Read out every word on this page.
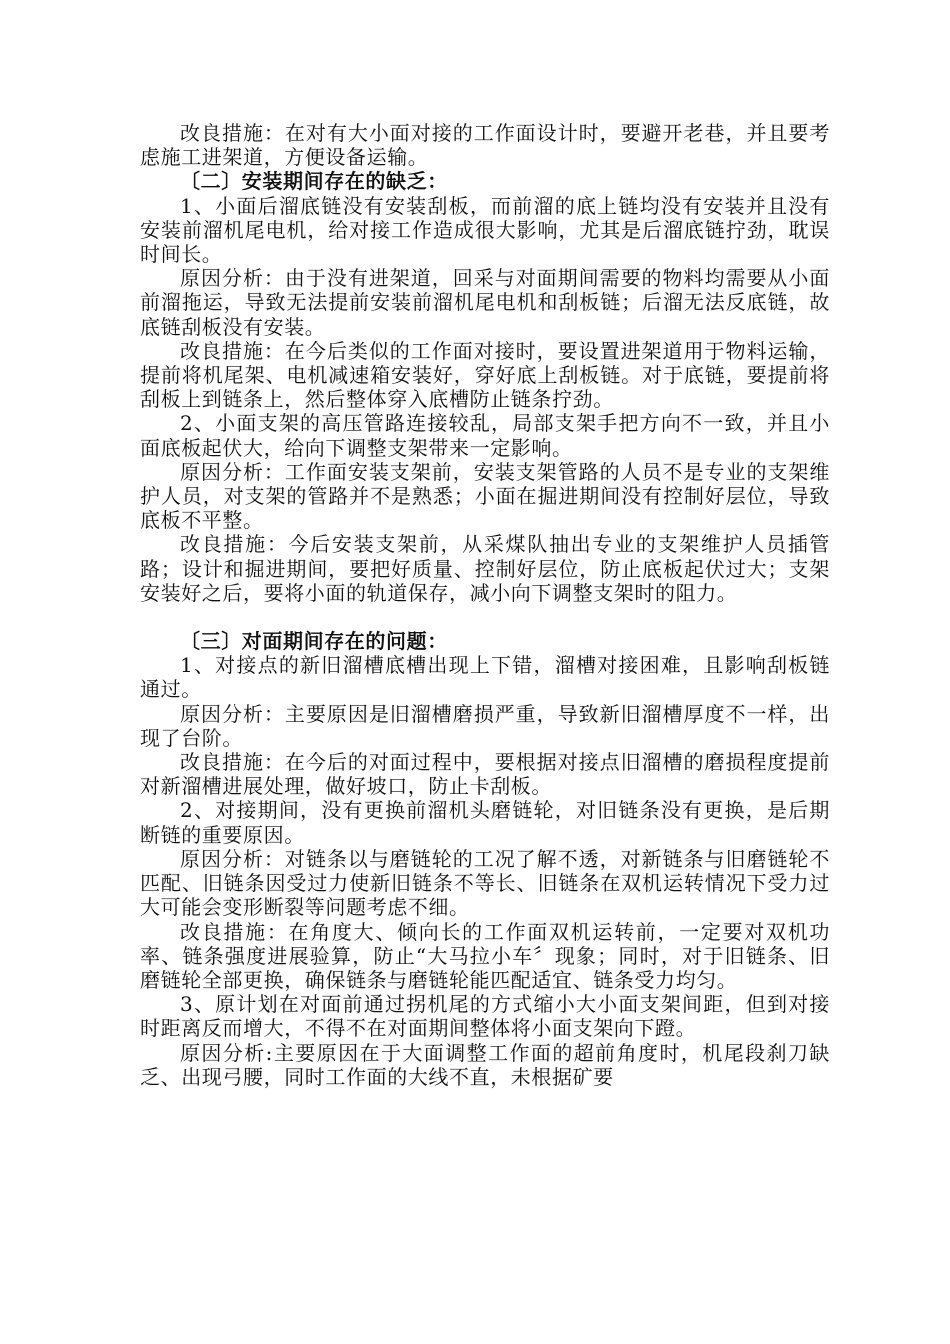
改良措施：在对有大小面对接的工作面设计时，要避开老巷，并且要考虑施工进架道，方便设备运输。

〔二〕安装期间存在的缺乏：

1、小面后溜底链没有安装刮板，而前溜的底上链均没有安装并且没有安装前溜机尾电机，给对接工作造成很大影响，尤其是后溜底链拧劲，耽误时间长。

原因分析：由于没有进架道，回采与对面期间需要的物料均需要从小面前溜拖运，导致无法提前安装前溜机尾电机和刮板链；后溜无法反底链，故底链刮板没有安装。

改良措施：在今后类似的工作面对接时，要设置进架道用于物料运输，提前将机尾架、电机减速箱安装好，穿好底上刮板链。对于底链，要提前将刮板上到链条上，然后整体穿入底槽防止链条拧劲。

2、小面支架的高压管路连接较乱，局部支架手把方向不一致，并且小面底板起伏大，给向下调整支架带来一定影响。

原因分析：工作面安装支架前，安装支架管路的人员不是专业的支架维护人员，对支架的管路并不是熟悉；小面在掘进期间没有控制好层位，导致底板不平整。

改良措施：今后安装支架前，从采煤队抽出专业的支架维护人员插管路；设计和掘进期间，要把好质量、控制好层位，防止底板起伏过大；支架安装好之后，要将小面的轨道保存，减小向下调整支架时的阻力。

〔三〕对面期间存在的问题：

1、对接点的新旧溜槽底槽出现上下错，溜槽对接困难，且影响刮板链通过。

原因分析：主要原因是旧溜槽磨损严重，导致新旧溜槽厚度不一样，出现了台阶。

改良措施：在今后的对面过程中，要根据对接点旧溜槽的磨损程度提前对新溜槽进展处理，做好坡口，防止卡刮板。

2、对接期间，没有更换前溜机头磨链轮，对旧链条没有更换，是后期断链的重要原因。

原因分析：对链条以与磨链轮的工况了解不透，对新链条与旧磨链轮不匹配、旧链条因受过力使新旧链条不等长、旧链条在双机运转情况下受力过大可能会变形断裂等问题考虑不细。

改良措施：在角度大、倾向长的工作面双机运转前，一定要对双机功率、链条强度进展验算，防止“大马拉小车〞现象；同时，对于旧链条、旧磨链轮全部更换，确保链条与磨链轮能匹配适宜、链条受力均匀。

3、原计划在对面前通过拐机尾的方式缩小大小面支架间距，但到对接时距离反而增大，不得不在对面期间整体将小面支架向下蹬。

原因分析:主要原因在于大面调整工作面的超前角度时，机尾段刹刀缺乏、出现弓腰，同时工作面的大线不直，未根据矿要
